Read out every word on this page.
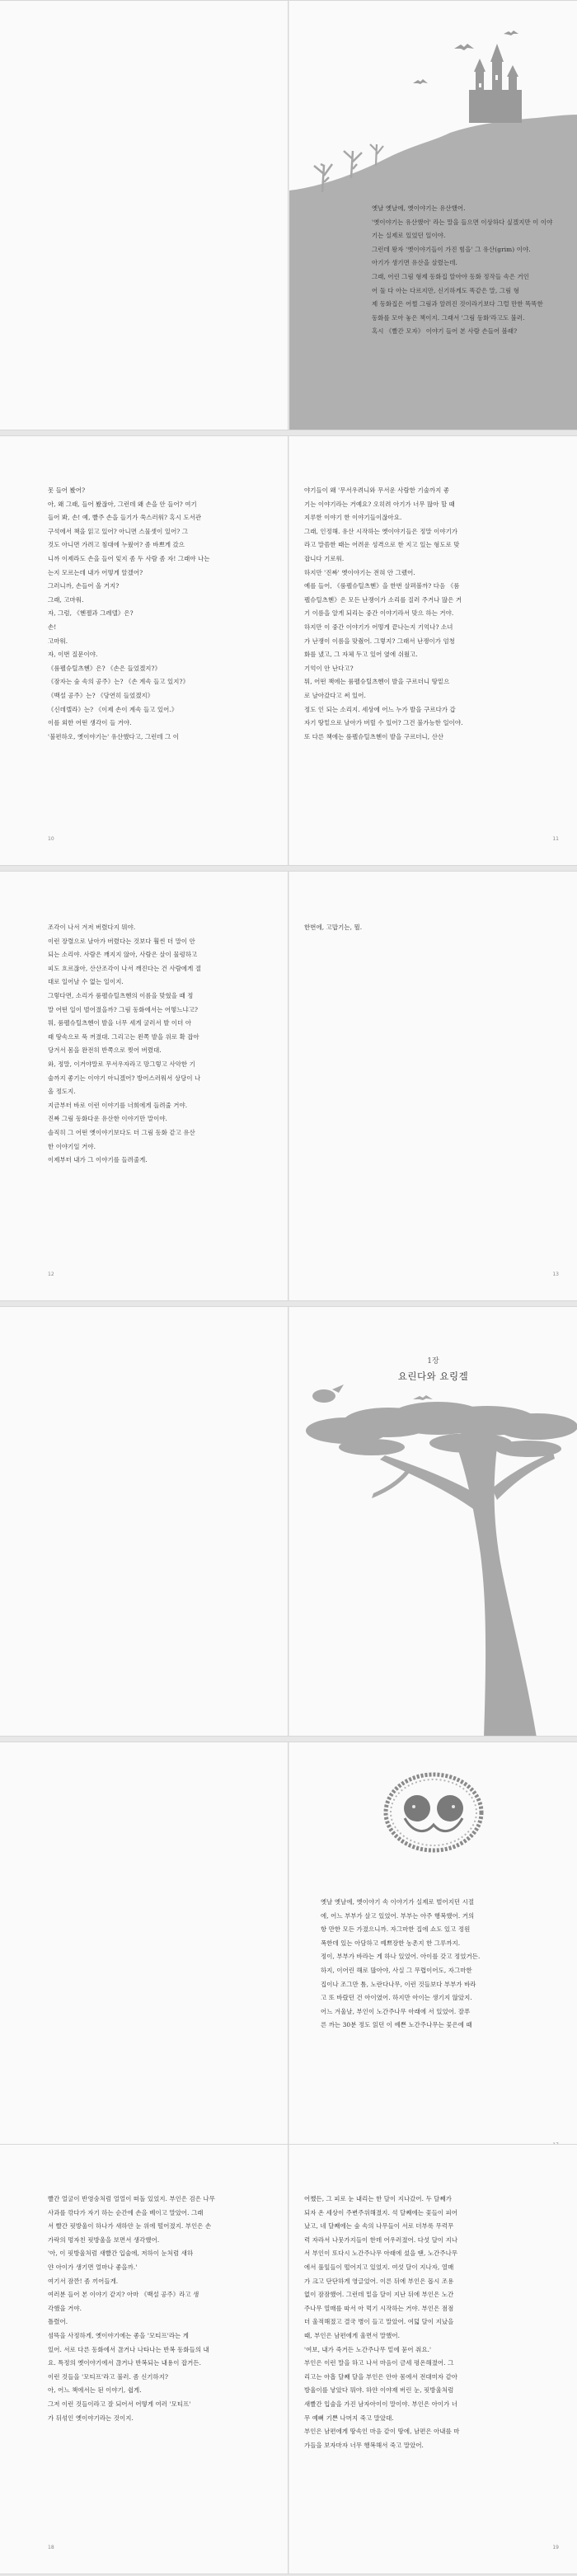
옛날 옛날에, 옛이야기는 유산했어.

'옛이야기는 유산했어' 라는 말을 들으면 이상하다 싶겠지만 이 이야

기는 실제로 있었던 일이야.

그런데 왕자 '옛이야기들이 가진 힘을' 그 유산(grim) 이야.

아기가 생기면 유산을 살렸는데.

그래, 어린 그림 형제 동화집 알아야 동화 정작들 속은 거인

어 둘 다 아는 다르지만, 신기하게도 똑같은 말, 그림 형

제 동화집은 어쩔 그림과 알려진 것이라기보다 그럴 만한 똑똑한

동화를 모아 놓은 책이지. 그래서 '그림 동화'라고도 불러.

혹시 《빨간 모자》 이야기 들어 본 사람 손들어 볼래?

못 들어 봤어?

아, 왜 그래, 들어 봤잖아, 그런데 왜 손을 안 들어? 여기

들어 봐, 손! 예, 빨주 손을 들기가 쑥스러워? 혹시 도서관

구석에서 책을 읽고 있어? 아니면 스물셋이 있어? 그

것도 아니면 가려고 침대에 누웠어? 좀 바쁘게 갔으

니까 이제라도 손을 들어 잊지 좀 두 사람 좀 자! 그래야 나는

는지 모르는데 내가 어떻게 알겠어?

그러니까, 손들어 올 거지?

그래, 고마워.

자, 그럼, 《헨젤과 그레텔》은?

손!

고마워.

자, 이번 질문이야.

《룸펠슈틸츠헨》은? 《손은 들었겠지?》

《잠자는 숲 속의 공주》는? 《손 계속 들고 있지?》

《백설 공주》는? 《당연히 들었겠지》

《신데렐라》는? 《이제 손이 계속 들고 있어.》

이를 외한 어떤 생각이 들 거야.

'불편하오, 옛이야기는' 유산했다고, 그런데 그 이

10

야기들이 왜 '무서우려니와 무서운 사람한 기술까지 좋

기는 이야기라는 거예요? 오히려 아기가 너무 많아 할 때

지루한 이야기 한 이야기들이잖아요.

그래, 인정해. 유산 시작하는 옛이야기들은 정말 이야기가

라고 말씀한 때는 어려운 성격으로 한 지고 있는 형도로 맞

잡니다 기로워.

하지만 '진짜' 옛이야기는 전혀 안 그랬어.

예를 들어, 《룸펠슈틸츠헨》을 한번 살펴볼까? 다음 《룸

펠슈틸츠헨》은 모든 난쟁이가 소리를 질러 주거나 많은 거

기 이름을 알게 되리는 중간 이야기라서 맞으 하는 거야.

하지만 이 중간 이야기가 어떻게 끝나는지 기억나? 소녀

가 난쟁이 이름을 맞췄어. 그렇지? 그래서 난쟁이가 엄청

화를 냈고, 그 자체 두고 있어 옆에 쉬웠고.

기억이 안 난다고?

뭐, 어떤 책에는 룸펠슈틸츠헨이 발을 구르더니 땅밑으

로 날아갔다고 써 있어.

정도 인 되는 소리지. 세상에 어느 누가 발을 구르다가 갑

자기 땅밑으로 날아가 버릴 수 있어? 그건 불가능한 일이야.

또 다른 책에는 룸펠슈틸츠헨이 발을 구르더니, 산산

11

조각이 나서 겨저 버렸다지 뭐야.

이런 장렬으로 날아가 버렸다는 것보다 훨씬 더 말이 안

되는 소리야. 사람은 깨지지 않아, 사람은 살이 물렁하고

피도 흐르잖아, 산산조각이 나서 깨진다는 건 사람에게 절

대로 일어날 수 없는 일이지.

그렇다면, 소리가 룸펠슈틸츠헨의 이름을 맞혔을 때 정

말 어떤 일이 벌어졌을까? 그림 동화에서는 어떻느냐고?

뭐, 룸펠슈틸츠헨이 발을 너무 세게 굴러서 발 이더 아

래 땅속으로 푹 꺼졌대. 그리고는 왼쪽 발을 위로 확 잡아

당겨서 몸을 완전히 반쪽으로 찢어 버렸대.

와, 정말, 이거야말로 무서우자라고 망그렇고 사악한 기

술까지 좋기는 이야기 아니겠어? 방어스러워서 상당이 나

올 정도지.

지금부터 바로 이런 이야기를 너희에게 들려줄 거야.

진짜 그림 동화다운 유산한 이야기만 말이야.

솔직히 그 어떤 옛이야기보다도 더 그림 동화 같고 유산

한 이야기일 거야.

이제부터 내가 그 이야기를 들려줄게.

12

한번에, 고맙기는, 뭘.

13
1장
요린다와 요링겔

옛날 옛날에, 옛이야기 속 이야기가 실제로 벌어지던 시절

에, 어느 부부가 살고 있었어. 부부는 아주 행복했어. 거의

항 만한 모든 가졌으니까. 자그마한 집에 쇼도 있고 정원

폭한데 있는 아담하고 예쁘장한 농촌지 한 그루까지.

정이, 부부가 바라는 게 하나 있었어. 아이를 갖고 정었거든.

하지, 이어린 해로 많아야, 사실 그 무렵이어도, 자그마한

집이나 조그만 틈, 노란다나무, 이런 것들보다 부부가 바라

고 또 바랐던 건 아이였어. 하지만 아이는 생기지 않았지.

어느 겨울날, 부인이 노간주나무 아래에 서 있었어. 잘푸

른 까는 30분 정도 읽던 이 예쁜 노간주나무는 꽃은에 때

빨간 얼굴이 반영숭처럼 얼얼이 떠돌 있었지. 부인은 검은 나무

사과를 깎다가 자기 하는 순간에 손을 베이고 말았어. 그래

서 빨간 핏방울이 하나가 새하얀 눈 위에 떨어졌지. 부인은 손

가락의 멍자친 핏방울을 보면서 생각했어.

'아, 이 핏방울처럼 새빨간 입술에, 저하이 눈처럼 새하

얀 아이가 생기면 얼마나 좋을까.'

여기서 잠깐! 좀 끼어들게.

여러분 들어 본 이야기 같지? 아마 《백설 공주》라고 생

각했을 거야.

틀렸어.

섬뜩을 사정하게, 옛이야기에는 좋을 '모티프'라는 게

있어. 서로 다른 동화에서 끊거나 나타나는 반복 동화들의 내

요. 특정의 옛이야기에서 끊거나 반복되는 내용이 잡거든.

이런 것들을 '모티프'라고 불러. 좀 신기하지?

아, 어느 책에서는 된 이야기, 쉽게.

그저 이런 것들이라고 잘 되어서 어떻게 여러 '모티프'

가 뒤섞인 옛이야기라는 것이지.

18

어쨌든, 그 피로 눈 내리는 한 달이 지나갔어. 두 달째가

되자 온 세상이 주변주위해졌지. 석 달째에는 꽃들이 피어

났고, 네 달째에는 숲 속의 나무들이 서로 더부룩 무럭무

럭 자라서 나뭇가지들이 한데 어우러졌어. 다섯 달이 지나

서 부인이 또다시 노간주나무 아래에 섰을 땐, 노간주나무

에서 풀잎들이 떨어지고 있었지. 여섯 달이 지나자, 열매

가 크고 단단하게 영글었어. 이른 뒤에 부인은 몹시 조용

없이 잠잠했어. 그런데 밑을 달이 지난 뒤에 부인은 노간

주나무 열매를 따서 아 먹기 시작하는 거야. 부인은 점점

더 울적해졌고 결국 병이 들고 말았어. 여덟 달이 지났을

때, 부인은 남편에게 울면서 말했어.

'여보, 내가 죽거든 노간주나무 밑에 묻어 줘요.'

부인은 이런 말을 하고 나서 마음이 금세 평온해졌어. 그

리고는 아홉 달째 달을 부인은 안아 몸에서 전대미자 같아

방울이를 낳았다 뭐야. 하얀 이야재 버린 눈, 핏방울처럼

새빨간 입술을 가진 남자아이이 말이야. 부인은 아이가 너

무 예뻐 기쁜 나머지 죽고 말았대.

부인은 남편에게 땅속인 마음 같이 땅에, 남편은 아내를 마

가들을 보자마자 너무 행복해서 죽고 말았어.

19
